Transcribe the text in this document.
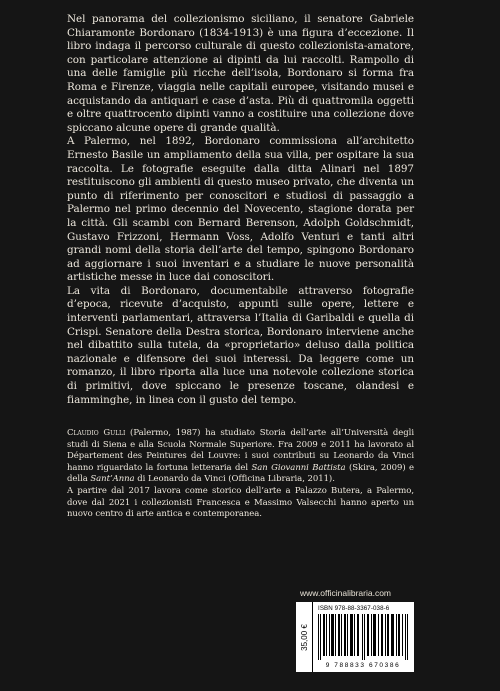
Nel panorama del collezionismo siciliano, il senatore Gabriele Chiaramonte Bordonaro (1834-1913) è una figura d’eccezione. Il libro indaga il percorso culturale di questo collezionista-amatore, con particolare attenzione ai dipinti da lui raccolti. Rampollo di una delle famiglie più ricche dell’isola, Bordonaro si forma fra Roma e Firenze, viaggia nelle capitali europee, visitando musei e acquistando da antiquari e case d’asta. Più di quattromila oggetti e oltre quattrocento dipinti vanno a costituire una collezione dove spiccano alcune opere di grande qualità.

A Palermo, nel 1892, Bordonaro commissiona all’architetto Ernesto Basile un ampliamento della sua villa, per ospitare la sua raccolta. Le fotografie eseguite dalla ditta Alinari nel 1897 restituiscono gli ambienti di questo museo privato, che diventa un punto di riferimento per conoscitori e studiosi di passaggio a Palermo nel primo decennio del Novecento, stagione dorata per la città. Gli scambi con Bernard Berenson, Adolph Goldschmidt, Gustavo Frizzoni, Hermann Voss, Adolfo Venturi e tanti altri grandi nomi della storia dell’arte del tempo, spingono Bordonaro ad aggiornare i suoi inventari e a studiare le nuove personalità artistiche messe in luce dai conoscitori.

La vita di Bordonaro, documentabile attraverso fotografie d’epoca, ricevute d’acquisto, appunti sulle opere, lettere e interventi parlamentari, attraversa l’Italia di Garibaldi e quella di Crispi. Senatore della Destra storica, Bordonaro interviene anche nel dibattito sulla tutela, da «proprietario» deluso dalla politica nazionale e difensore dei suoi interessi. Da leggere come un romanzo, il libro riporta alla luce una notevole collezione storica di primitivi, dove spiccano le presenze toscane, olandesi e fiamminghe, in linea con il gusto del tempo.

Claudio Gulli (Palermo, 1987) ha studiato Storia dell’arte all’Università degli studi di Siena e alla Scuola Normale Superiore. Fra 2009 e 2011 ha lavorato al Département des Peintures del Louvre: i suoi contributi su Leonardo da Vinci hanno riguardato la fortuna letteraria del San Giovanni Battista (Skira, 2009) e della Sant’Anna di Leonardo da Vinci (Officina Libraria, 2011).

A partire dal 2017 lavora come storico dell’arte a Palazzo Butera, a Palermo, dove dal 2021 i collezionisti Francesca e Massimo Valsecchi hanno aperto un nuovo centro di arte antica e contemporanea.

www.officinalibraria.com
35,00 €
ISBN 978-88-3367-038-6
9 788833 670386
